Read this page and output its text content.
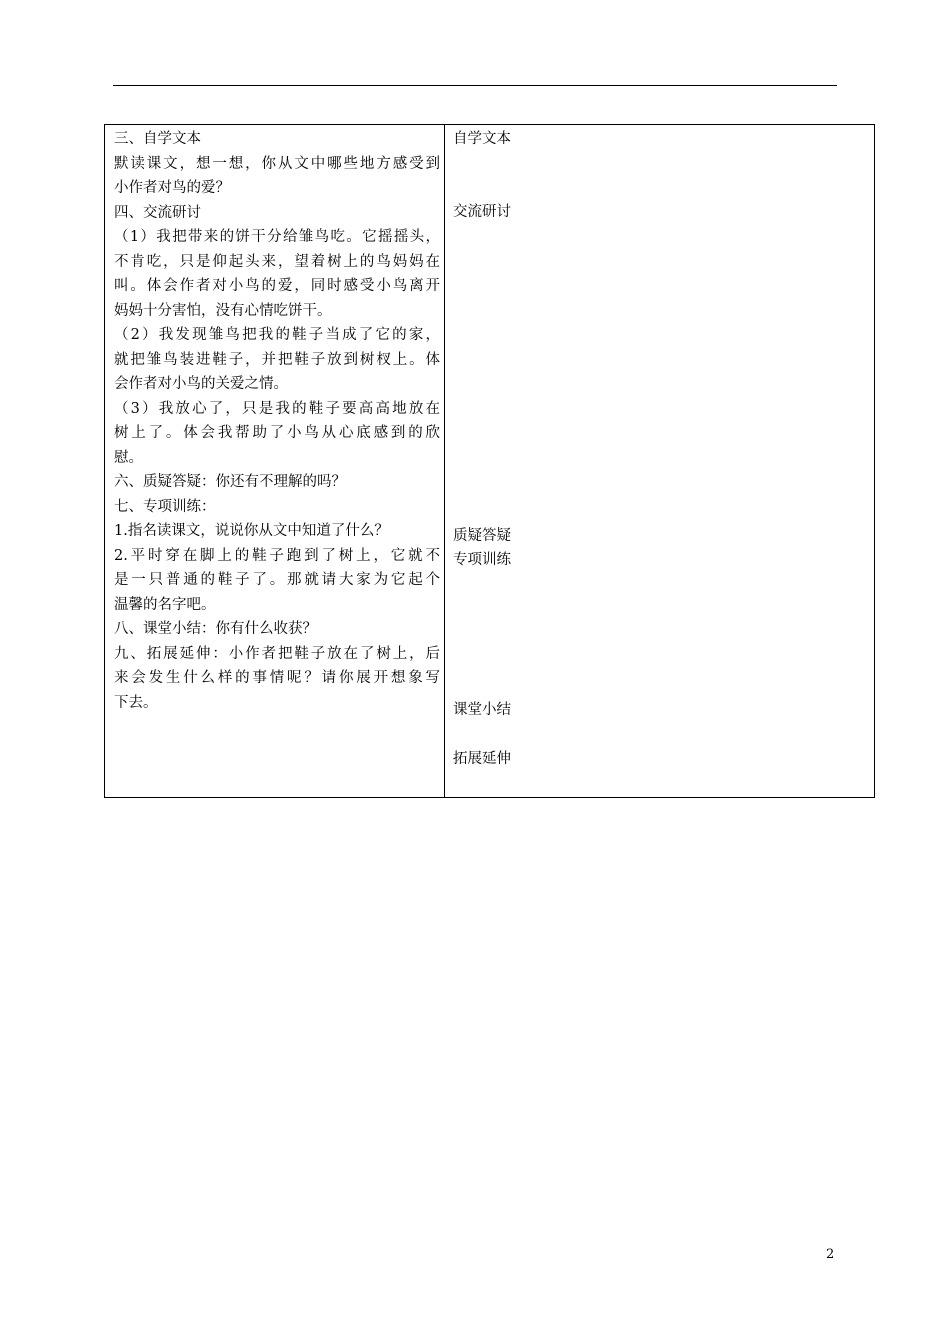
三、自学文本
默读课文，想一想，你从文中哪些地方感受到
小作者对鸟的爱？
四、交流研讨
（1）我把带来的饼干分给雏鸟吃。它摇摇头，
不肯吃，只是仰起头来，望着树上的鸟妈妈在
叫。体会作者对小鸟的爱，同时感受小鸟离开
妈妈十分害怕，没有心情吃饼干。
（2）我发现雏鸟把我的鞋子当成了它的家，
就把雏鸟装进鞋子，并把鞋子放到树杈上。体
会作者对小鸟的关爱之情。
（3）我放心了，只是我的鞋子要高高地放在
树上了。体会我帮助了小鸟从心底感到的欣
慰。
六、质疑答疑：你还有不理解的吗？
七、专项训练：
1.指名读课文，说说你从文中知道了什么？
2.平时穿在脚上的鞋子跑到了树上，它就不
是一只普通的鞋子了。那就请大家为它起个
温馨的名字吧。
八、课堂小结：你有什么收获？
九、拓展延伸：小作者把鞋子放在了树上，后
来会发生什么样的事情呢？请你展开想象写
下去。
自学文本
交流研讨
质疑答疑
专项训练
课堂小结
拓展延伸
2
